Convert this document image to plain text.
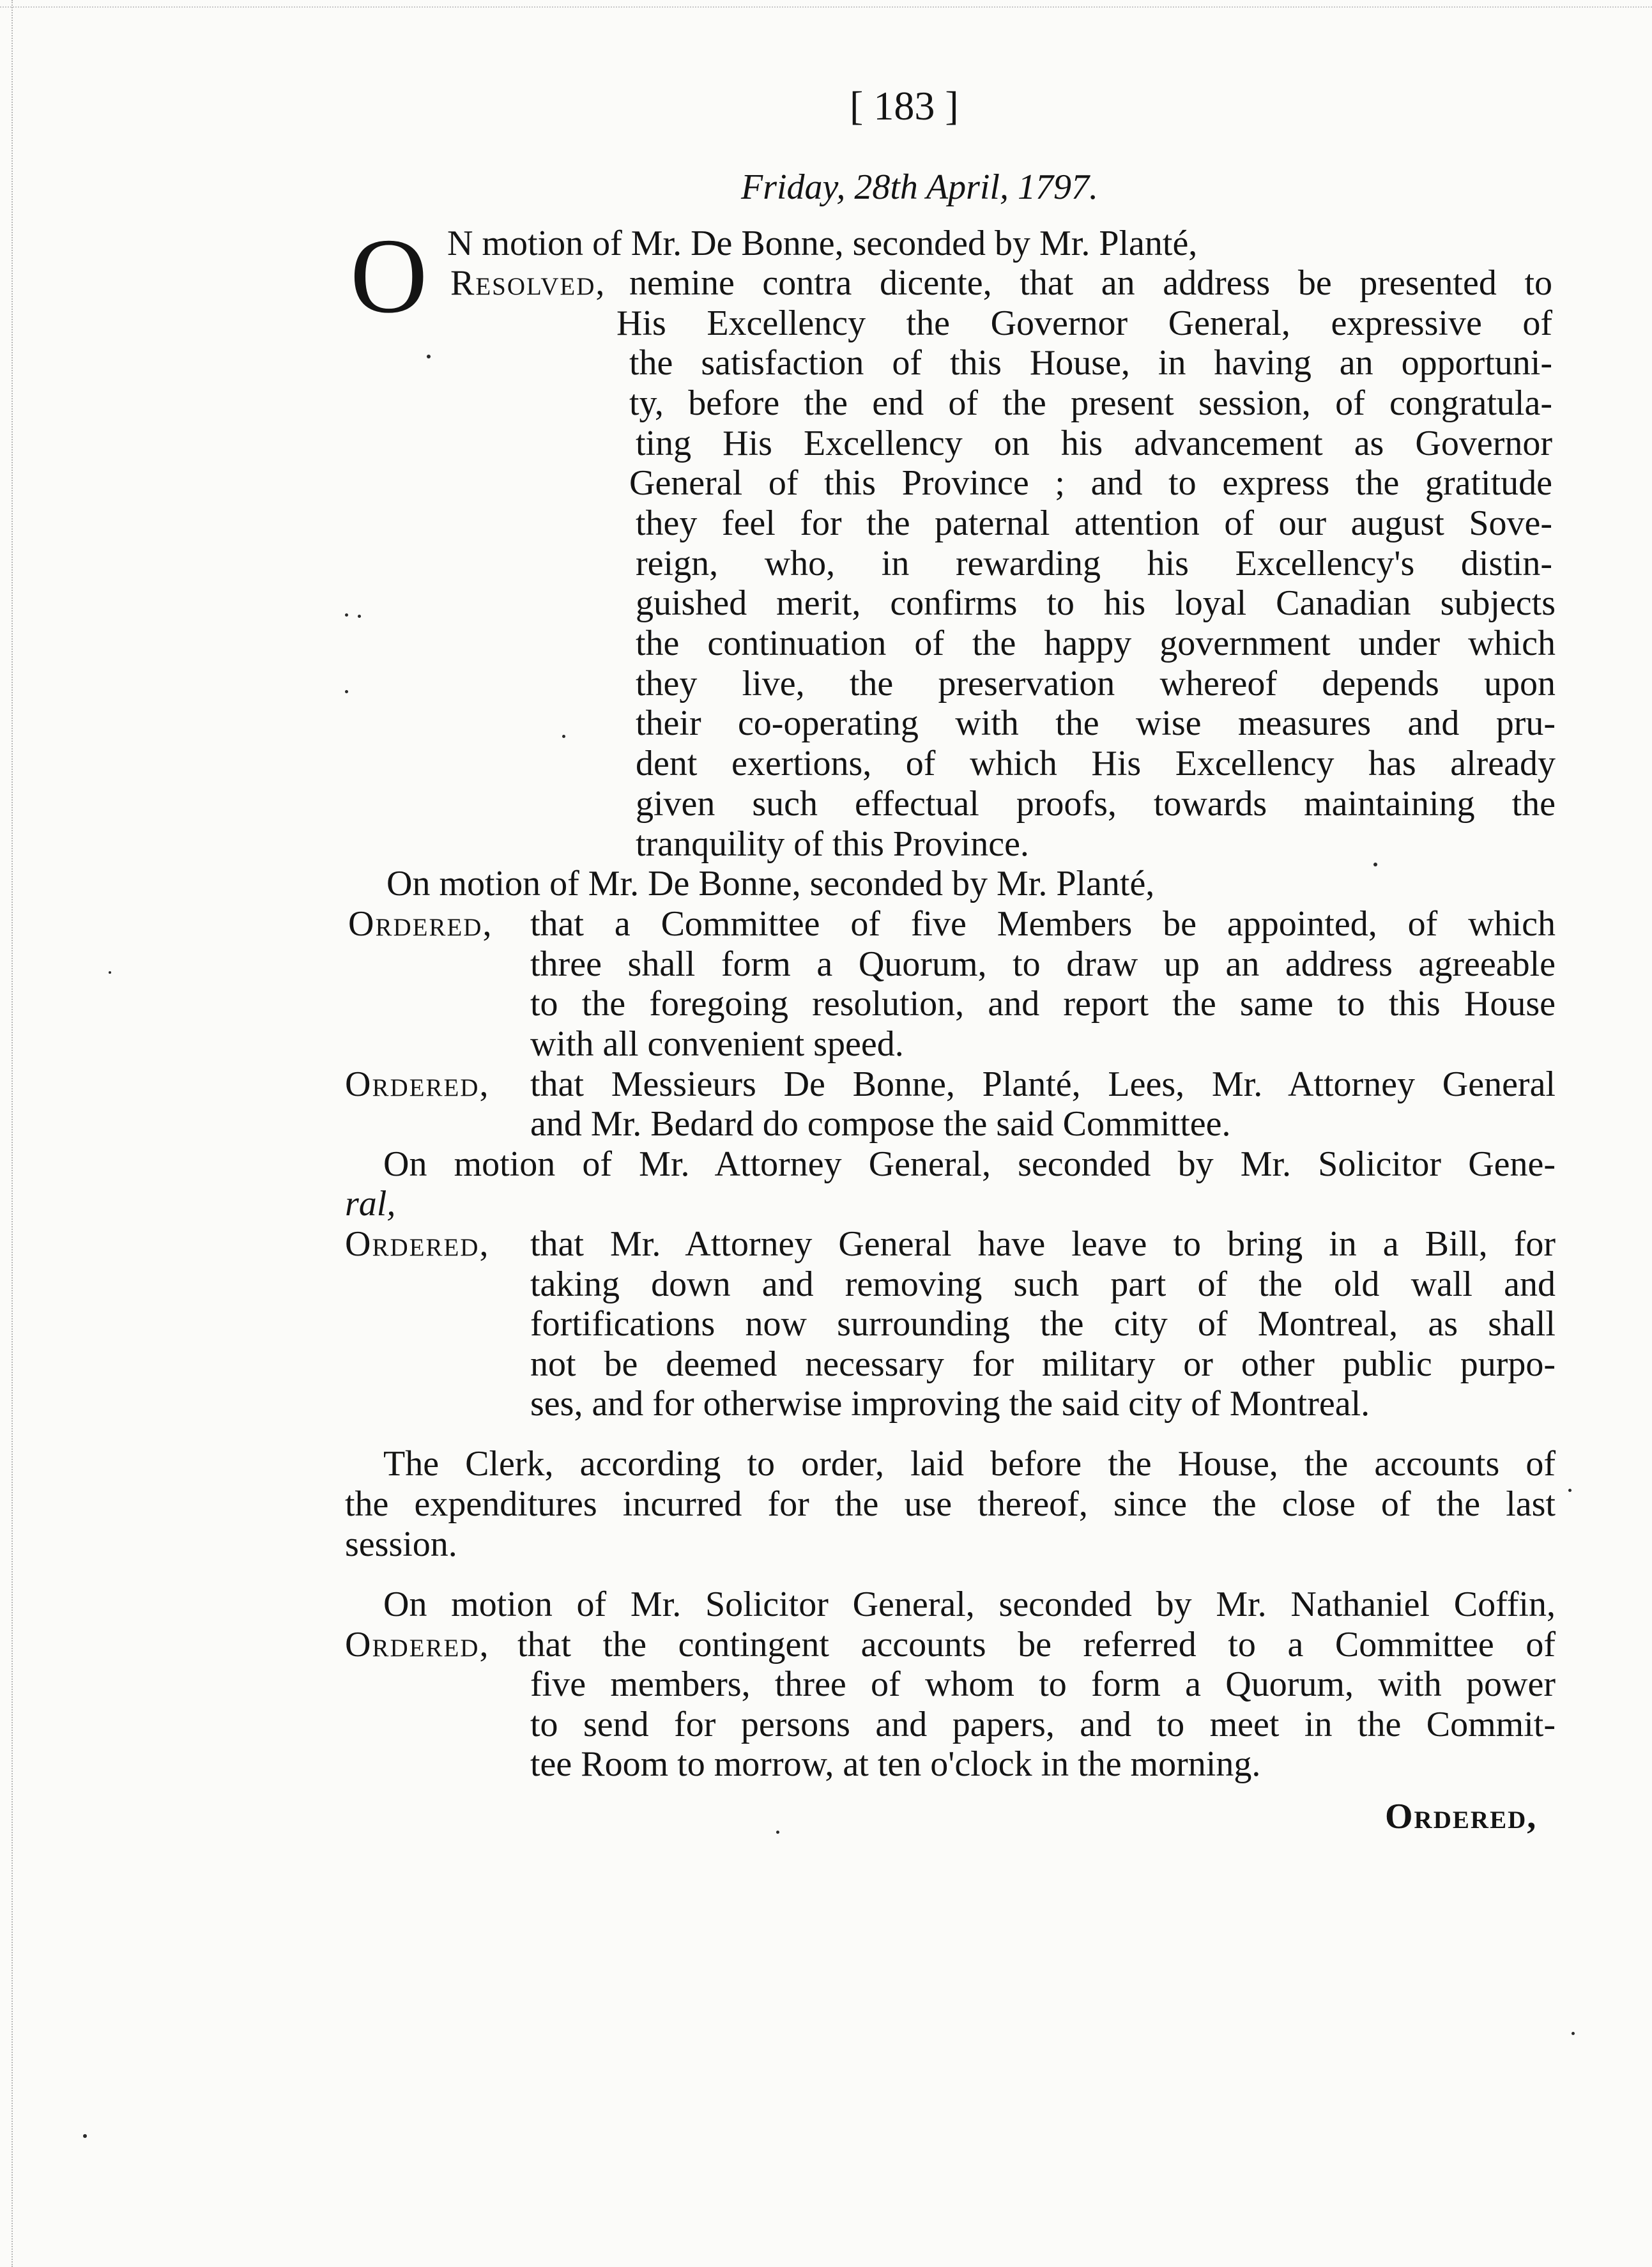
[ 183 ]
Friday, 28th April, 1797.
O N motion of Mr. De Bonne, seconded by Mr. Planté,
Resolved, nemine contra dicente, that an address be presented to
His Excellency the Governor General, expressive of
the satisfaction of this House, in having an opportuni-
ty, before the end of the present session, of congratula-
ting His Excellency on his advancement as Governor
General of this Province ; and to express the gratitude
they feel for the paternal attention of our august Sove-
reign, who, in rewarding his Excellency's distin-
guished merit, confirms to his loyal Canadian subjects
the continuation of the happy government under which
they live, the preservation whereof depends upon
their co-operating with the wise measures and pru-
dent exertions, of which His Excellency has already
given such effectual proofs, towards maintaining the
tranquility of this Province.
On motion of Mr. De Bonne, seconded by Mr. Planté,
Ordered, that a Committee of five Members be appointed, of which
three shall form a Quorum, to draw up an address agreeable
to the foregoing resolution, and report the same to this House
with all convenient speed.
Ordered, that Messieurs De Bonne, Planté, Lees, Mr. Attorney General
and Mr. Bedard do compose the said Committee.
On motion of Mr. Attorney General, seconded by Mr. Solicitor Gene-
ral,
Ordered, that Mr. Attorney General have leave to bring in a Bill, for
taking down and removing such part of the old wall and
fortifications now surrounding the city of Montreal, as shall
not be deemed necessary for military or other public purpo-
ses, and for otherwise improving the said city of Montreal.
The Clerk, according to order, laid before the House, the accounts of
the expenditures incurred for the use thereof, since the close of the last
session.
On motion of Mr. Solicitor General, seconded by Mr. Nathaniel Coffin,
Ordered, that the contingent accounts be referred to a Committee of
five members, three of whom to form a Quorum, with power
to send for persons and papers, and to meet in the Commit-
tee Room to morrow, at ten o'clock in the morning.
Ordered,
